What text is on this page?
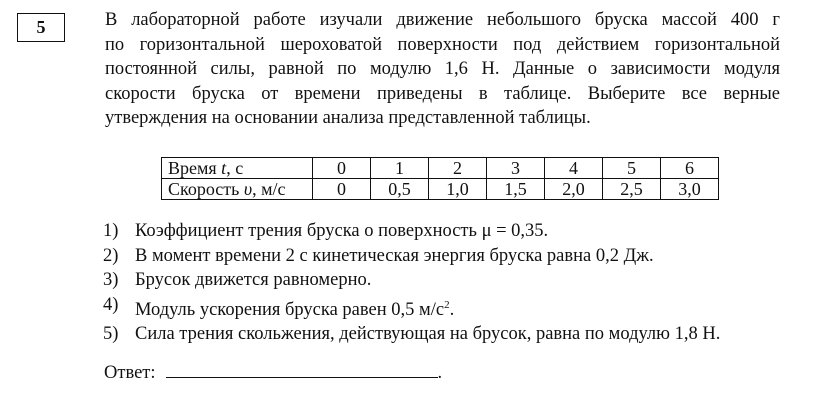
5	В лабораторной работе изучали движение небольшого бруска массой 400 г
по горизонтальной шероховатой поверхности под действием горизонтальной
постоянной силы, равной по модулю 1,6 Н. Данные о зависимости модуля
скорости бруска от времени приведены в таблице. Выберите все верные
утверждения на основании анализа представленной таблицы.
Время t, с	0	1	2	3	4	5	6
Скорость υ, м/с	0	0,5	1,0	1,5	2,0	2,5	3,0
1) Коэффициент трения бруска о поверхность μ = 0,35.
2) В момент времени 2 с кинетическая энергия бруска равна 0,2 Дж.
3) Брусок движется равномерно.
4) Модуль ускорения бруска равен 0,5 $м/с^2$.
5) Сила трения скольжения, действующая на брусок, равна по модулю 1,8 Н.
Ответ:	.
